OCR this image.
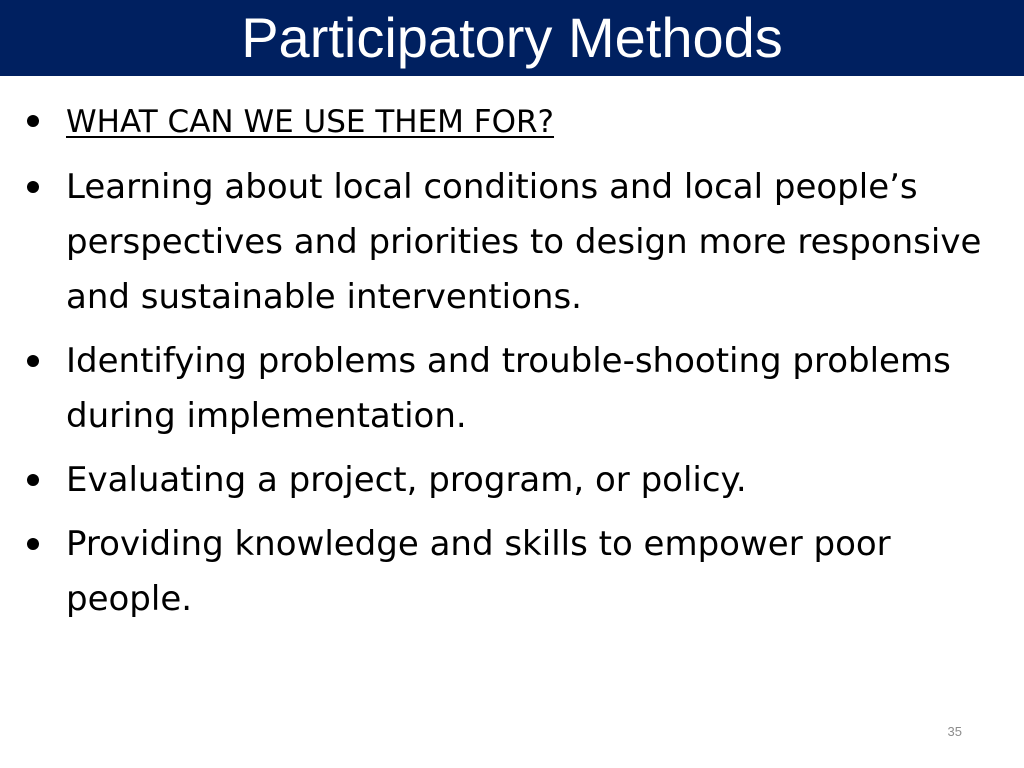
Participatory Methods
WHAT CAN WE USE THEM FOR?
Learning about local conditions and local people’s perspectives and priorities to design more responsive and sustainable interventions.
Identifying problems and trouble-shooting problems during implementation.
Evaluating a project, program, or policy.
Providing knowledge and skills to empower poor people.
35
